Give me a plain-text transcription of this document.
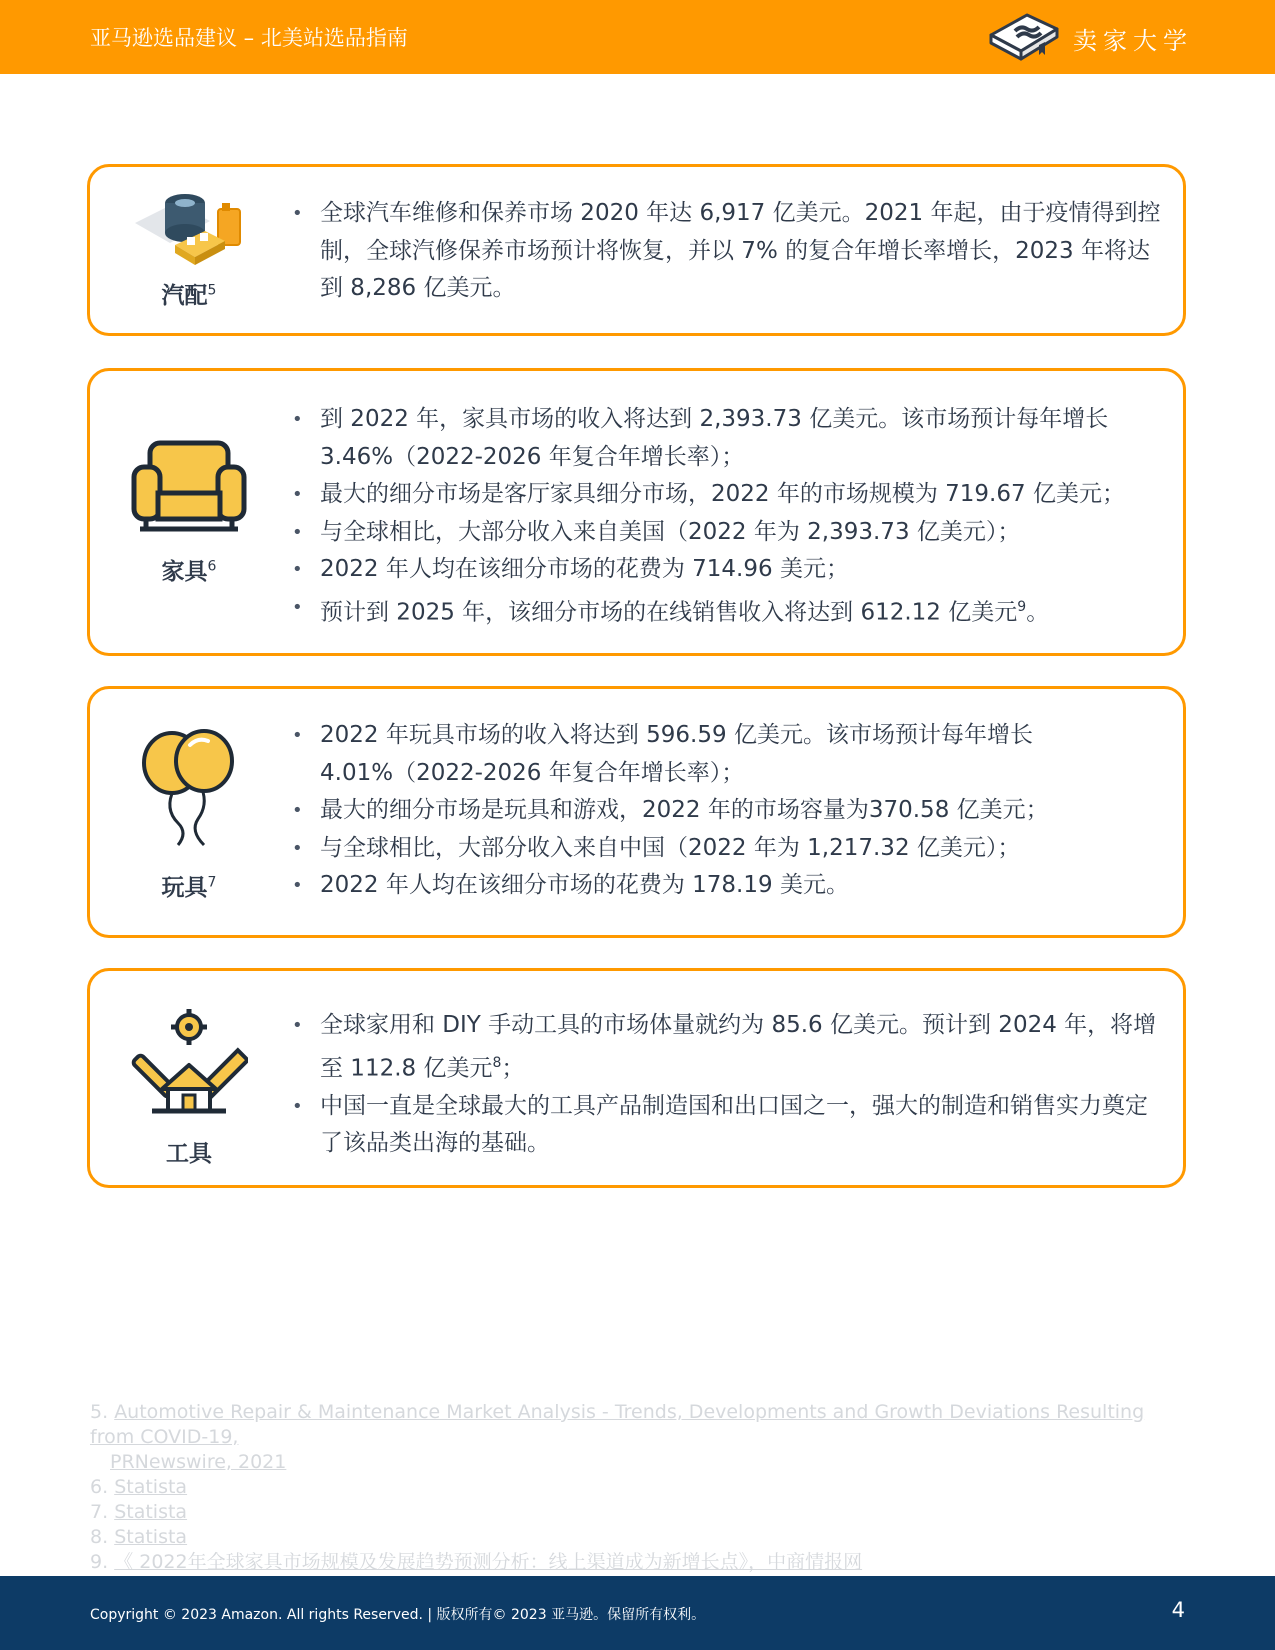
亚马逊选品建议 – 北美站选品指南	卖家大学
汽配$^5$
• 全球汽车维修和保养市场 2020 年达 6,917 亿美元。2021 年起，由于疫情得到控制，全球汽修保养市场预计将恢复，并以 7% 的复合年增长率增长，2023 年将达到 8,286 亿美元。
家具$^6$
• 到 2022 年，家具市场的收入将达到 2,393.73 亿美元。该市场预计每年增长3.46%（2022-2026 年复合年增长率）；
• 最大的细分市场是客厅家具细分市场，2022 年的市场规模为 719.67 亿美元；
• 与全球相比，大部分收入来自美国（2022 年为 2,393.73 亿美元）；
• 2022 年人均在该细分市场的花费为 714.96 美元；
• 预计到 2025 年，该细分市场的在线销售收入将达到 612.12 亿美元$^9$。
玩具$^7$
• 2022 年玩具市场的收入将达到 596.59 亿美元。该市场预计每年增长 4.01%（2022-2026 年复合年增长率）；
• 最大的细分市场是玩具和游戏，2022 年的市场容量为370.58 亿美元；
• 与全球相比，大部分收入来自中国（2022 年为 1,217.32 亿美元）；
• 2022 年人均在该细分市场的花费为 178.19 美元。
工具
• 全球家用和 DIY 手动工具的市场体量就约为 85.6 亿美元。预计到 2024 年，将增至 112.8 亿美元$^8$；
• 中国一直是全球最大的工具产品制造国和出口国之一，强大的制造和销售实力奠定了该品类出海的基础。
5. Automotive Repair & Maintenance Market Analysis - Trends, Developments and Growth Deviations Resulting from COVID-19,
PRNewswire, 2021
6. Statista
7. Statista
8. Statista
9. 《 2022年全球家具市场规模及发展趋势预测分析：线上渠道成为新增长点》，中商情报网
Copyright © 2023 Amazon. All rights Reserved. | 版权所有© 2023 亚马逊。保留所有权利。	4
